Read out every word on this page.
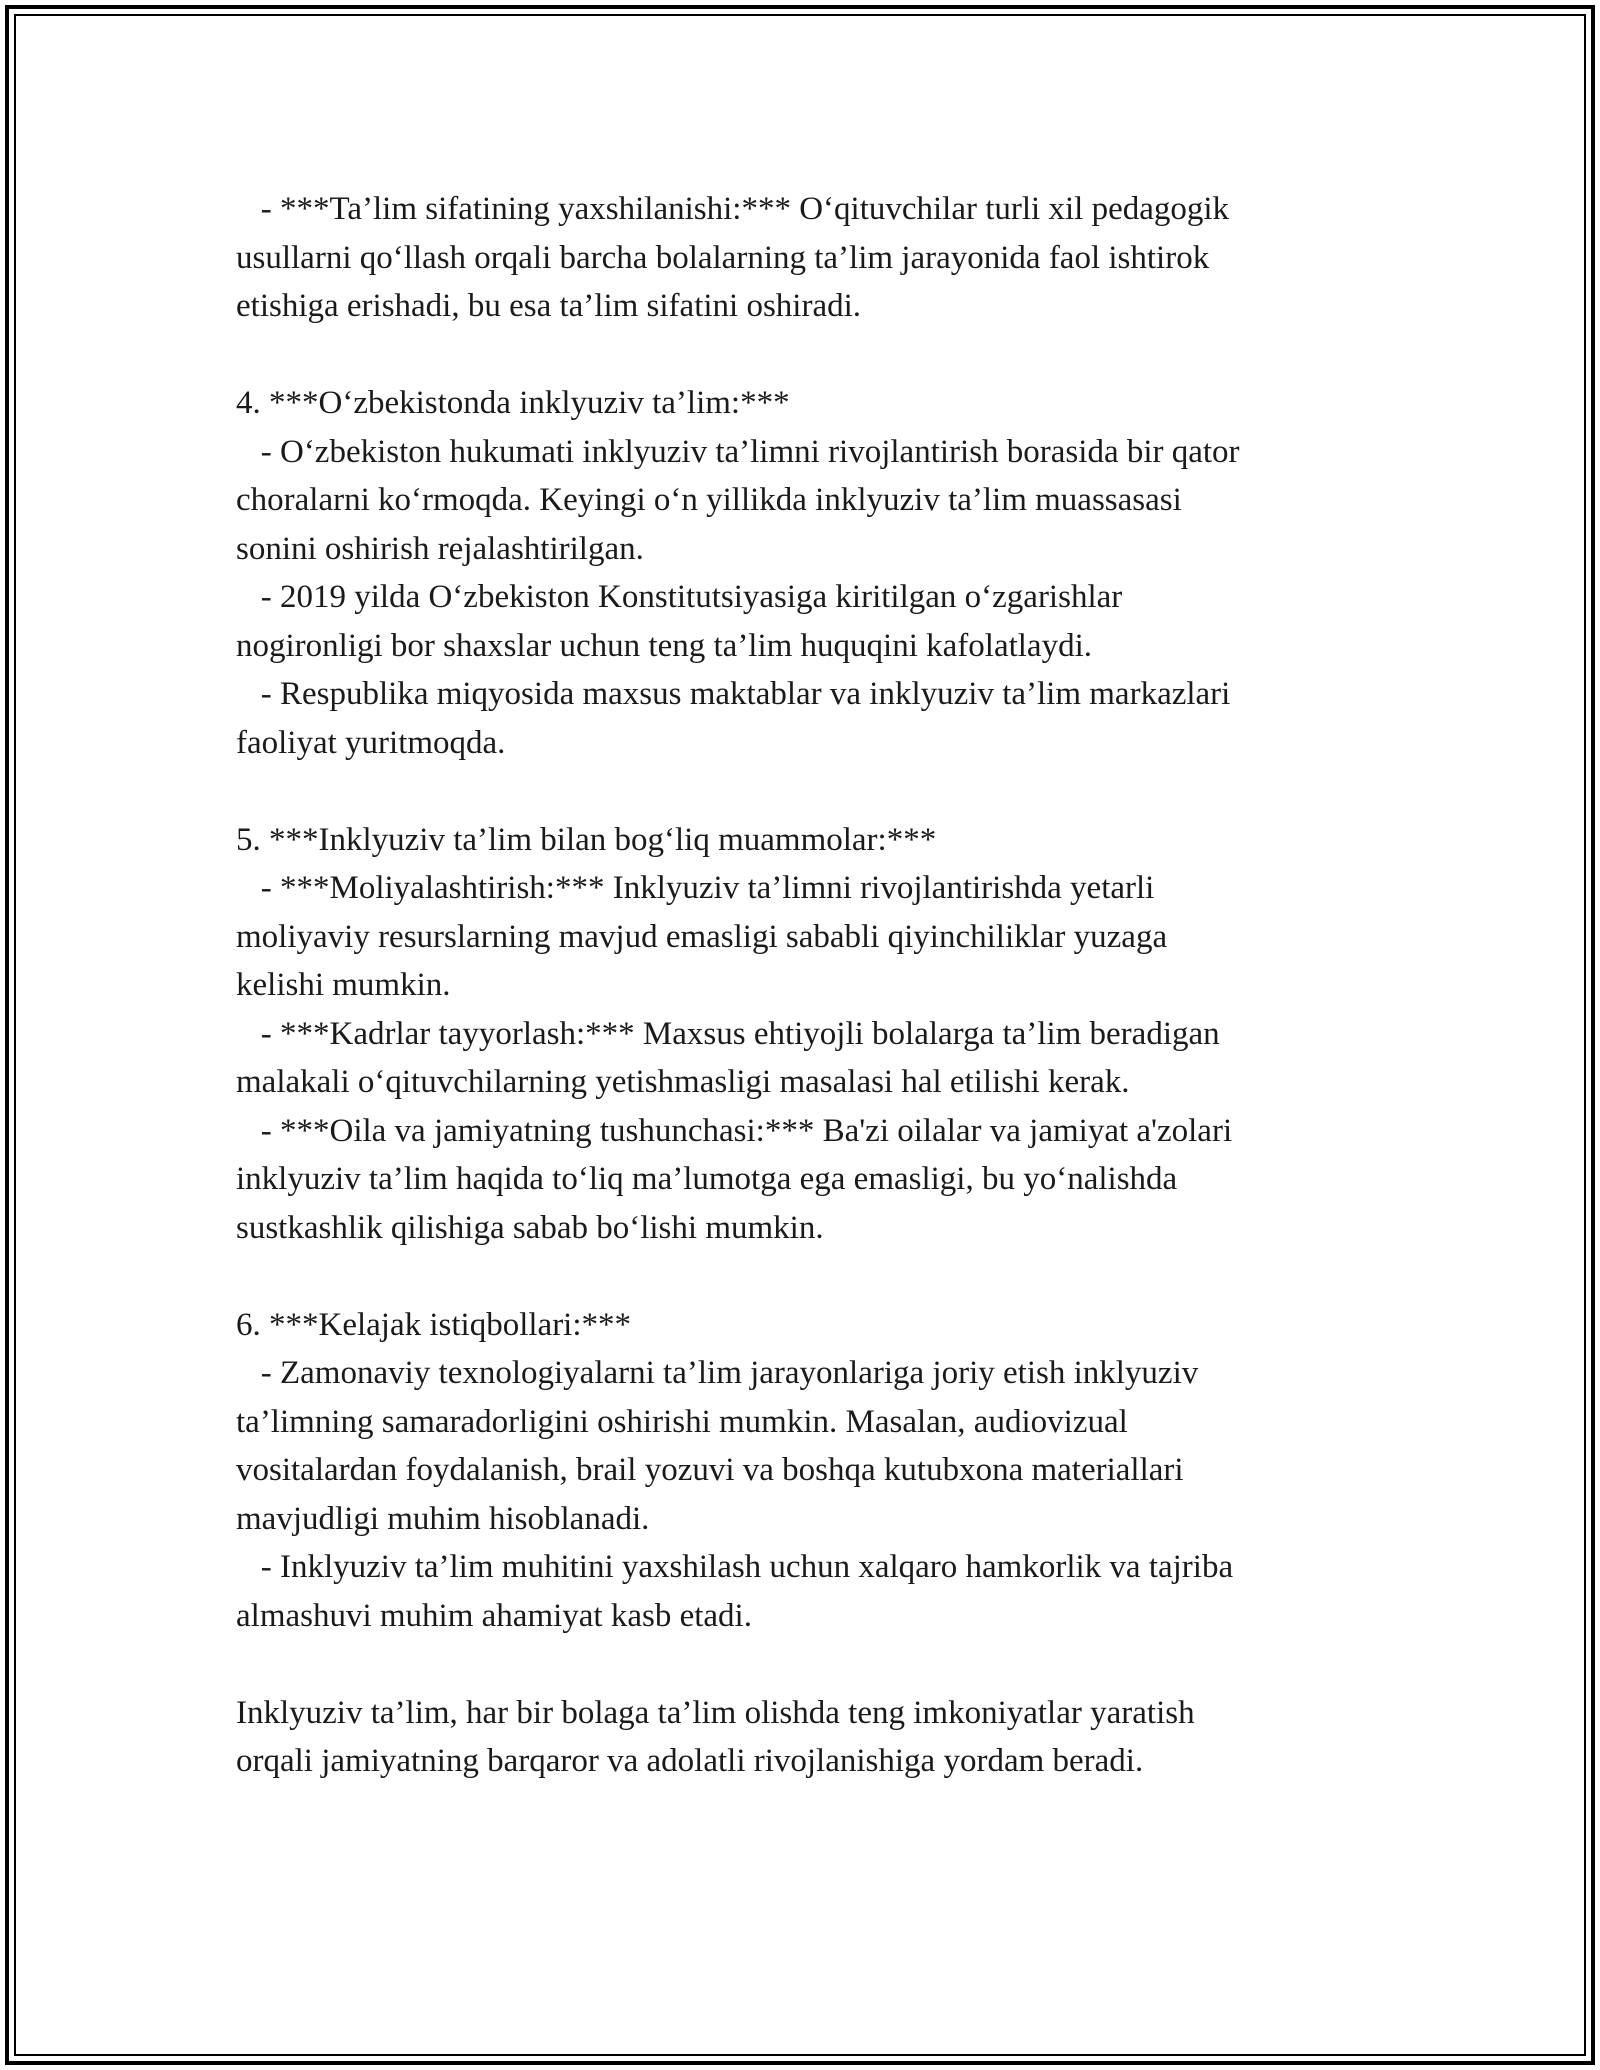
- ***Ta’lim sifatining yaxshilanishi:*** O‘qituvchilar turli xil pedagogik
usullarni qo‘llash orqali barcha bolalarning ta’lim jarayonida faol ishtirok
etishiga erishadi, bu esa ta’lim sifatini oshiradi.
4. ***O‘zbekistonda inklyuziv ta’lim:***
- O‘zbekiston hukumati inklyuziv ta’limni rivojlantirish borasida bir qator
choralarni ko‘rmoqda. Keyingi o‘n yillikda inklyuziv ta’lim muassasasi
sonini oshirish rejalashtirilgan.
- 2019 yilda O‘zbekiston Konstitutsiyasiga kiritilgan o‘zgarishlar
nogironligi bor shaxslar uchun teng ta’lim huquqini kafolatlaydi.
- Respublika miqyosida maxsus maktablar va inklyuziv ta’lim markazlari
faoliyat yuritmoqda.
5. ***Inklyuziv ta’lim bilan bog‘liq muammolar:***
- ***Moliyalashtirish:*** Inklyuziv ta’limni rivojlantirishda yetarli
moliyaviy resurslarning mavjud emasligi sababli qiyinchiliklar yuzaga
kelishi mumkin.
- ***Kadrlar tayyorlash:*** Maxsus ehtiyojli bolalarga ta’lim beradigan
malakali o‘qituvchilarning yetishmasligi masalasi hal etilishi kerak.
- ***Oila va jamiyatning tushunchasi:*** Ba'zi oilalar va jamiyat a'zolari
inklyuziv ta’lim haqida to‘liq ma’lumotga ega emasligi, bu yo‘nalishda
sustkashlik qilishiga sabab bo‘lishi mumkin.
6. ***Kelajak istiqbollari:***
- Zamonaviy texnologiyalarni ta’lim jarayonlariga joriy etish inklyuziv
ta’limning samaradorligini oshirishi mumkin. Masalan, audiovizual
vositalardan foydalanish, brail yozuvi va boshqa kutubxona materiallari
mavjudligi muhim hisoblanadi.
- Inklyuziv ta’lim muhitini yaxshilash uchun xalqaro hamkorlik va tajriba
almashuvi muhim ahamiyat kasb etadi.
Inklyuziv ta’lim, har bir bolaga ta’lim olishda teng imkoniyatlar yaratish
orqali jamiyatning barqaror va adolatli rivojlanishiga yordam beradi.
